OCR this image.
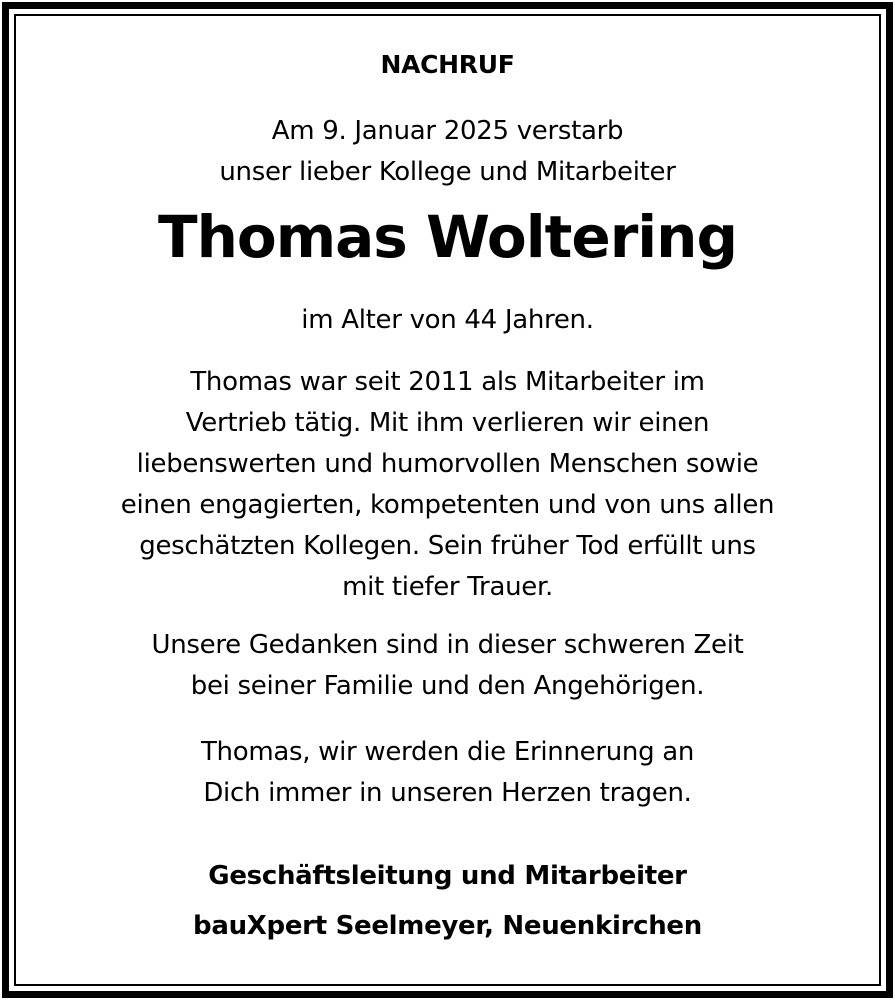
NACHRUF
Am 9. Januar 2025 verstarb
unser lieber Kollege und Mitarbeiter
Thomas Woltering
im Alter von 44 Jahren.
Thomas war seit 2011 als Mitarbeiter im
Vertrieb tätig. Mit ihm verlieren wir einen
liebenswerten und humorvollen Menschen sowie
einen engagierten, kompetenten und von uns allen
geschätzten Kollegen. Sein früher Tod erfüllt uns
mit tiefer Trauer.
Unsere Gedanken sind in dieser schweren Zeit
bei seiner Familie und den Angehörigen.
Thomas, wir werden die Erinnerung an
Dich immer in unseren Herzen tragen.
Geschäftsleitung und Mitarbeiter
bauXpert Seelmeyer, Neuenkirchen
